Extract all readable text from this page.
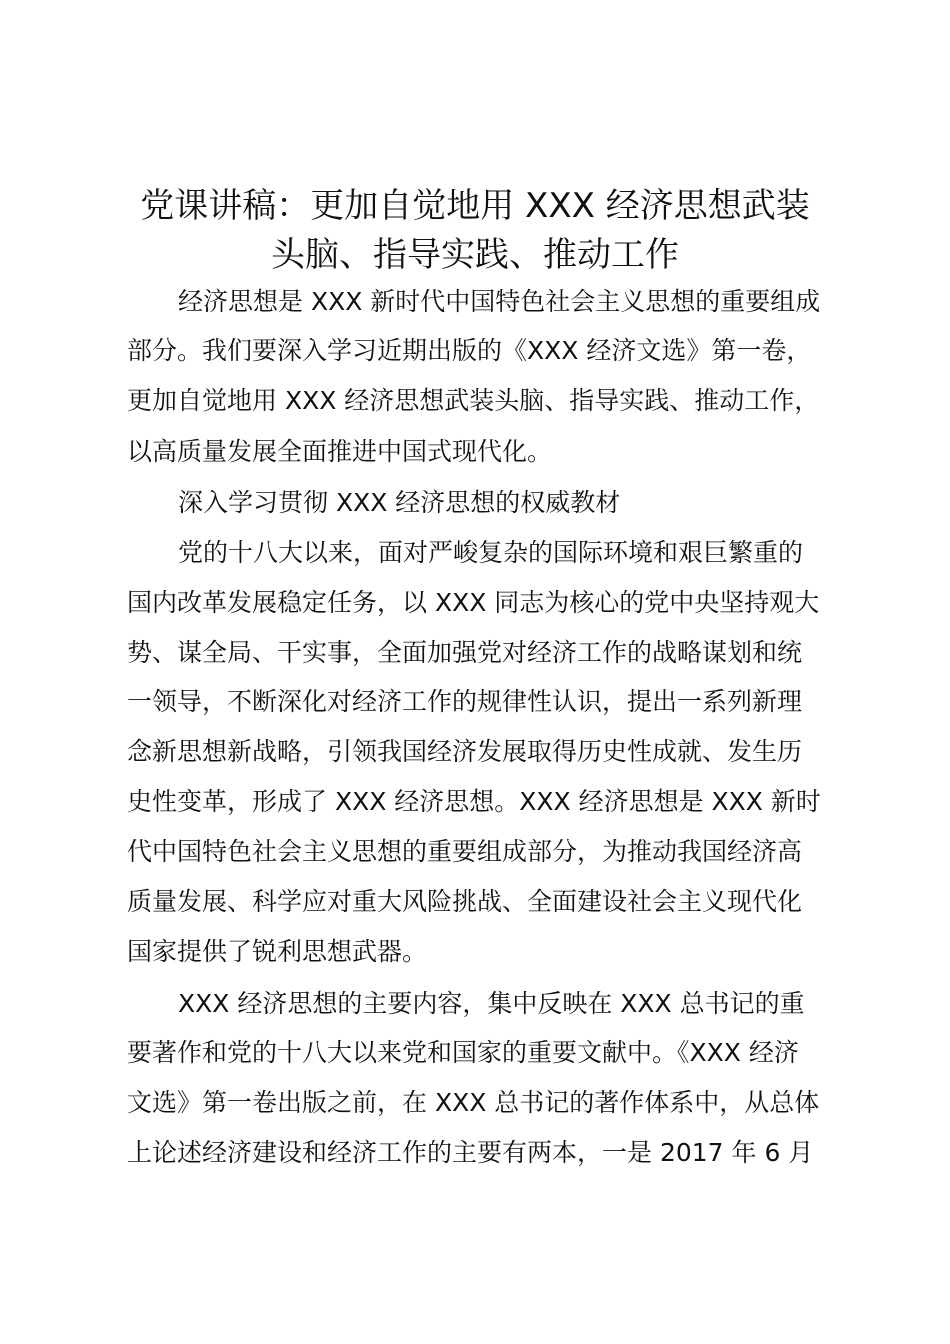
党课讲稿：更加自觉地用 XXX 经济思想武装
头脑、指导实践、推动工作

经济思想是 XXX 新时代中国特色社会主义思想的重要组成

部分。我们要深入学习近期出版的《XXX 经济文选》第一卷，

更加自觉地用 XXX 经济思想武装头脑、指导实践、推动工作，

以高质量发展全面推进中国式现代化。

深入学习贯彻 XXX 经济思想的权威教材

党的十八大以来，面对严峻复杂的国际环境和艰巨繁重的

国内改革发展稳定任务，以 XXX 同志为核心的党中央坚持观大

势、谋全局、干实事，全面加强党对经济工作的战略谋划和统

一领导，不断深化对经济工作的规律性认识，提出一系列新理

念新思想新战略，引领我国经济发展取得历史性成就、发生历

史性变革，形成了 XXX 经济思想。XXX 经济思想是 XXX 新时

代中国特色社会主义思想的重要组成部分，为推动我国经济高

质量发展、科学应对重大风险挑战、全面建设社会主义现代化

国家提供了锐利思想武器。

XXX 经济思想的主要内容，集中反映在 XXX 总书记的重

要著作和党的十八大以来党和国家的重要文献中。《XXX 经济

文选》第一卷出版之前，在 XXX 总书记的著作体系中，从总体

上论述经济建设和经济工作的主要有两本，一是 2017 年 6 月
